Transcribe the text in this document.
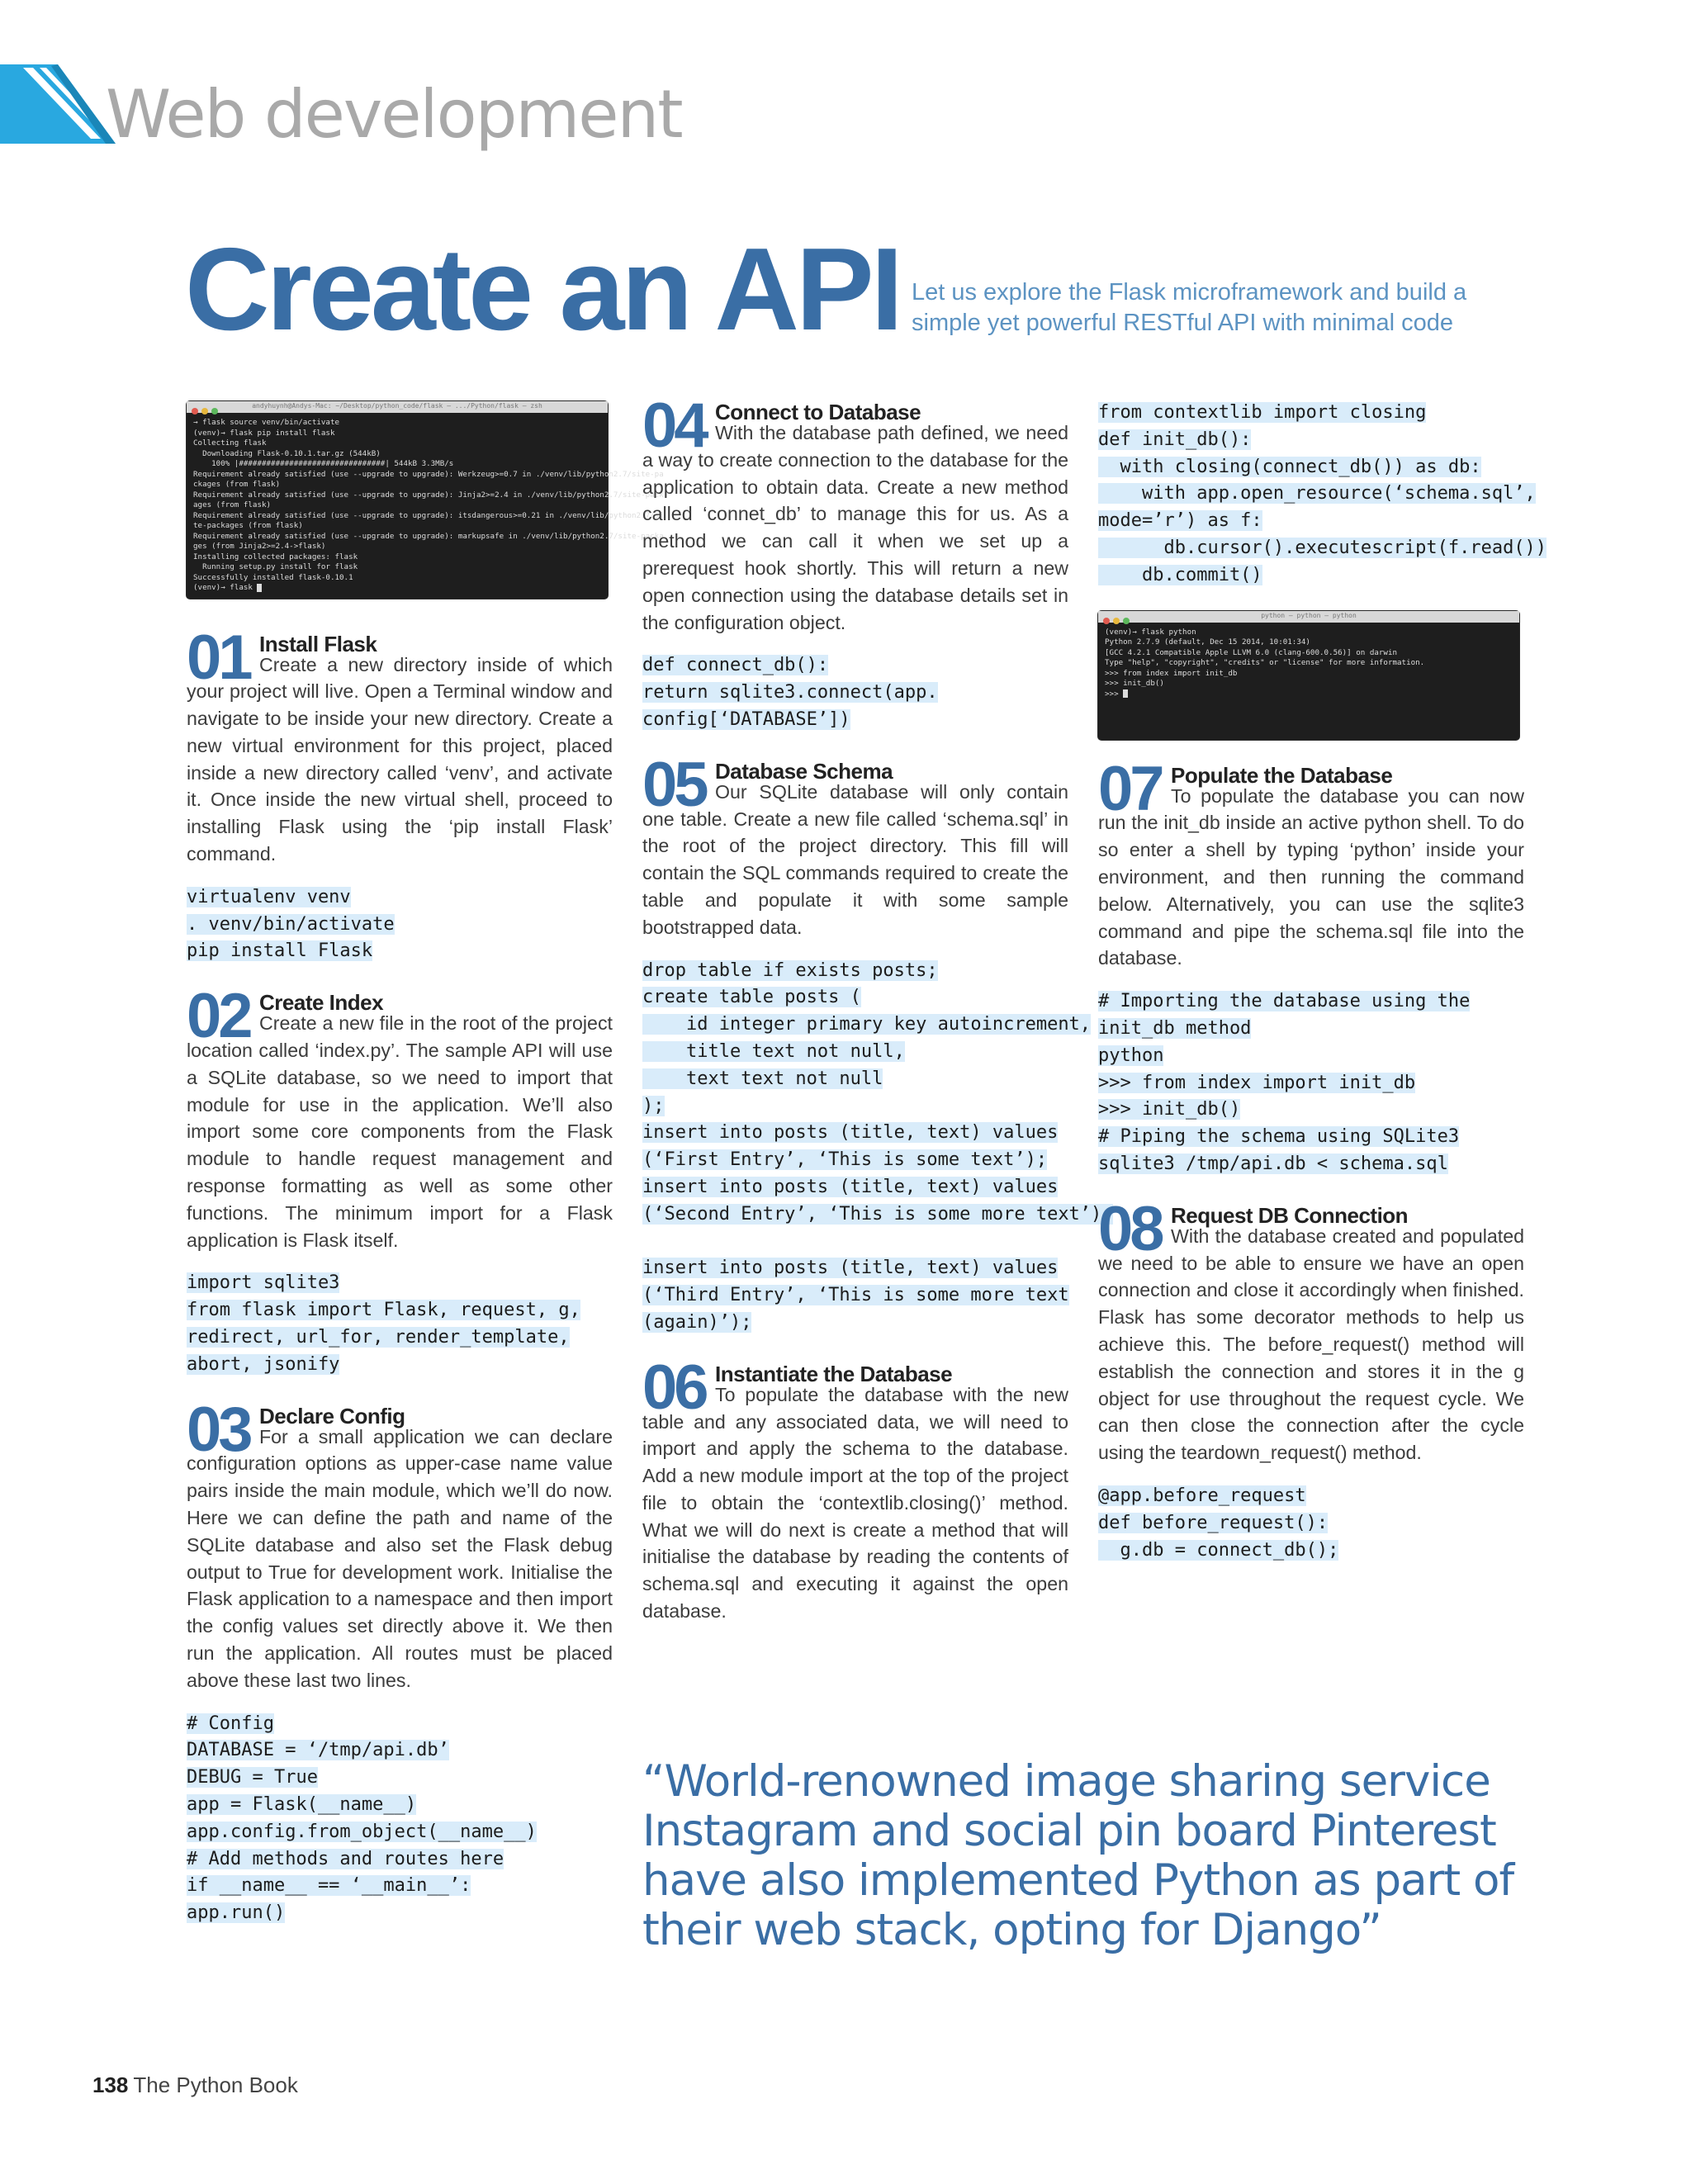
Web development
Create an API Let us explore the Flask microframework and build a simple yet powerful RESTful API with minimal code
andyhuynh@Andys-Mac: ~/Desktop/python_code/flask — .../Python/flask — zsh
→ flask source venv/bin/activate
(venv)→ flask pip install flask
Collecting flask
Downloading Flask-0.10.1.tar.gz (544kB)
100% |################################| 544kB 3.3MB/s
Requirement already satisfied (use --upgrade to upgrade): Werkzeug>=0.7 in ./venv/lib/python2.7/site-pa
ckages (from flask)
Requirement already satisfied (use --upgrade to upgrade): Jinja2>=2.4 in ./venv/lib/python2.7/site-pack
ages (from flask)
Requirement already satisfied (use --upgrade to upgrade): itsdangerous>=0.21 in ./venv/lib/python2.7/si
te-packages (from flask)
Requirement already satisfied (use --upgrade to upgrade): markupsafe in ./venv/lib/python2.7/site-packa
ges (from Jinja2>=2.4->flask)
Installing collected packages: flask
Running setup.py install for flask
Successfully installed flask-0.10.1
(venv)→ flask
01 Install Flask

Create a new directory inside of which your project will live. Open a Terminal window and navigate to be inside your new directory. Create a new virtual environment for this project, placed inside a new directory called ‘venv’, and activate it. Once inside the new virtual shell, proceed to installing Flask using the ‘pip install Flask’ command.

virtualenv venv
. venv/bin/activate
pip install Flask
02 Create Index

Create a new file in the root of the project location called ‘index.py’. The sample API will use a SQLite database, so we need to import that module for use in the application. We’ll also import some core components from the Flask module to handle request management and response formatting as well as some other functions. The minimum import for a Flask application is Flask itself.

import sqlite3
from flask import Flask, request, g,
redirect, url_for, render_template,
abort, jsonify
03 Declare Config

For a small application we can declare configuration options as upper-case name value pairs inside the main module, which we’ll do now. Here we can define the path and name of the SQLite database and also set the Flask debug output to True for development work. Initialise the Flask application to a namespace and then import the config values set directly above it. We then run the application. All routes must be placed above these last two lines.

# Config
DATABASE = ‘/tmp/api.db’
DEBUG = True
app = Flask(__name__)
app.config.from_object(__name__)
# Add methods and routes here
if __name__ == ‘__main__’:
app.run()
04 Connect to Database

With the database path defined, we need a way to create connection to the database for the application to obtain data. Create a new method called ‘connet_db’ to manage this for us. As a method we can call it when we set up a prerequest hook shortly. This will return a new open connection using the database details set in the configuration object.

def connect_db():
return sqlite3.connect(app.
config[‘DATABASE’])
05 Database Schema

Our SQLite database will only contain one table. Create a new file called ‘schema.sql’ in the root of the project directory. This fill will contain the SQL commands required to create the table and populate it with some sample bootstrapped data.

drop table if exists posts;
create table posts (
id integer primary key autoincrement,
title text not null,
text text not null
);
insert into posts (title, text) values
(‘First Entry’, ‘This is some text’);
insert into posts (title, text) values
(‘Second Entry’, ‘This is some more text’);

insert into posts (title, text) values
(‘Third Entry’, ‘This is some more text
(again)’);
06 Instantiate the Database

To populate the database with the new table and any associated data, we will need to import and apply the schema to the database. Add a new module import at the top of the project file to obtain the ‘contextlib.closing()’ method. What we will do next is create a method that will initialise the database by reading the contents of schema.sql and executing it against the open database.

from contextlib import closing
def init_db():
with closing(connect_db()) as db:
with app.open_resource(‘schema.sql’,
mode=’r’) as f:
db.cursor().executescript(f.read())
db.commit()
python — python — python
(venv)→ flask python
Python 2.7.9 (default, Dec 15 2014, 10:01:34)
[GCC 4.2.1 Compatible Apple LLVM 6.0 (clang-600.0.56)] on darwin
Type "help", "copyright", "credits" or "license" for more information.
>>> from index import init_db
>>> init_db()
>>>
07 Populate the Database

To populate the database you can now run the init_db inside an active python shell. To do so enter a shell by typing ‘python’ inside your environment, and then running the command below. Alternatively, you can use the sqlite3 command and pipe the schema.sql file into the database.

# Importing the database using the
init_db method
python
>>> from index import init_db
>>> init_db()
# Piping the schema using SQLite3
sqlite3 /tmp/api.db < schema.sql
08 Request DB Connection

With the database created and populated we need to be able to ensure we have an open connection and close it accordingly when finished. Flask has some decorator methods to help us achieve this. The before_request() method will establish the connection and stores it in the g object for use throughout the request cycle. We can then close the connection after the cycle using the teardown_request() method.

@app.before_request
def before_request():
g.db = connect_db();
“World-renowned image sharing service Instagram and social pin board Pinterest have also implemented Python as part of their web stack, opting for Django”
138 The Python Book
